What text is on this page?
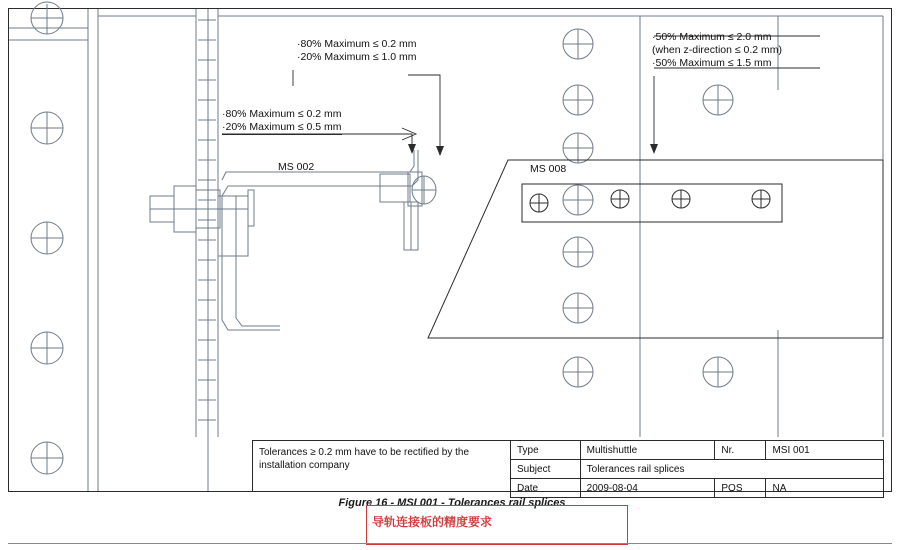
·80% Maximum ≤ 0.2 mm
·20% Maximum ≤ 1.0 mm
·80% Maximum ≤ 0.2 mm
·20% Maximum ≤ 0.5 mm
·50% Maximum ≤ 2.0 mm
(when z-direction ≤ 0.2 mm)
·50% Maximum ≤ 1.5 mm
MS 002	MS 008
Tolerances ≥ 0.2 mm have to be rectified by the installation company
Type	Multishuttle	Nr.	MSI 001
Subject	Tolerances rail splices		
Date	2009-08-04	POS	NA
Figure 16 - MSI 001 - Tolerances rail splices
导轨连接板的精度要求
